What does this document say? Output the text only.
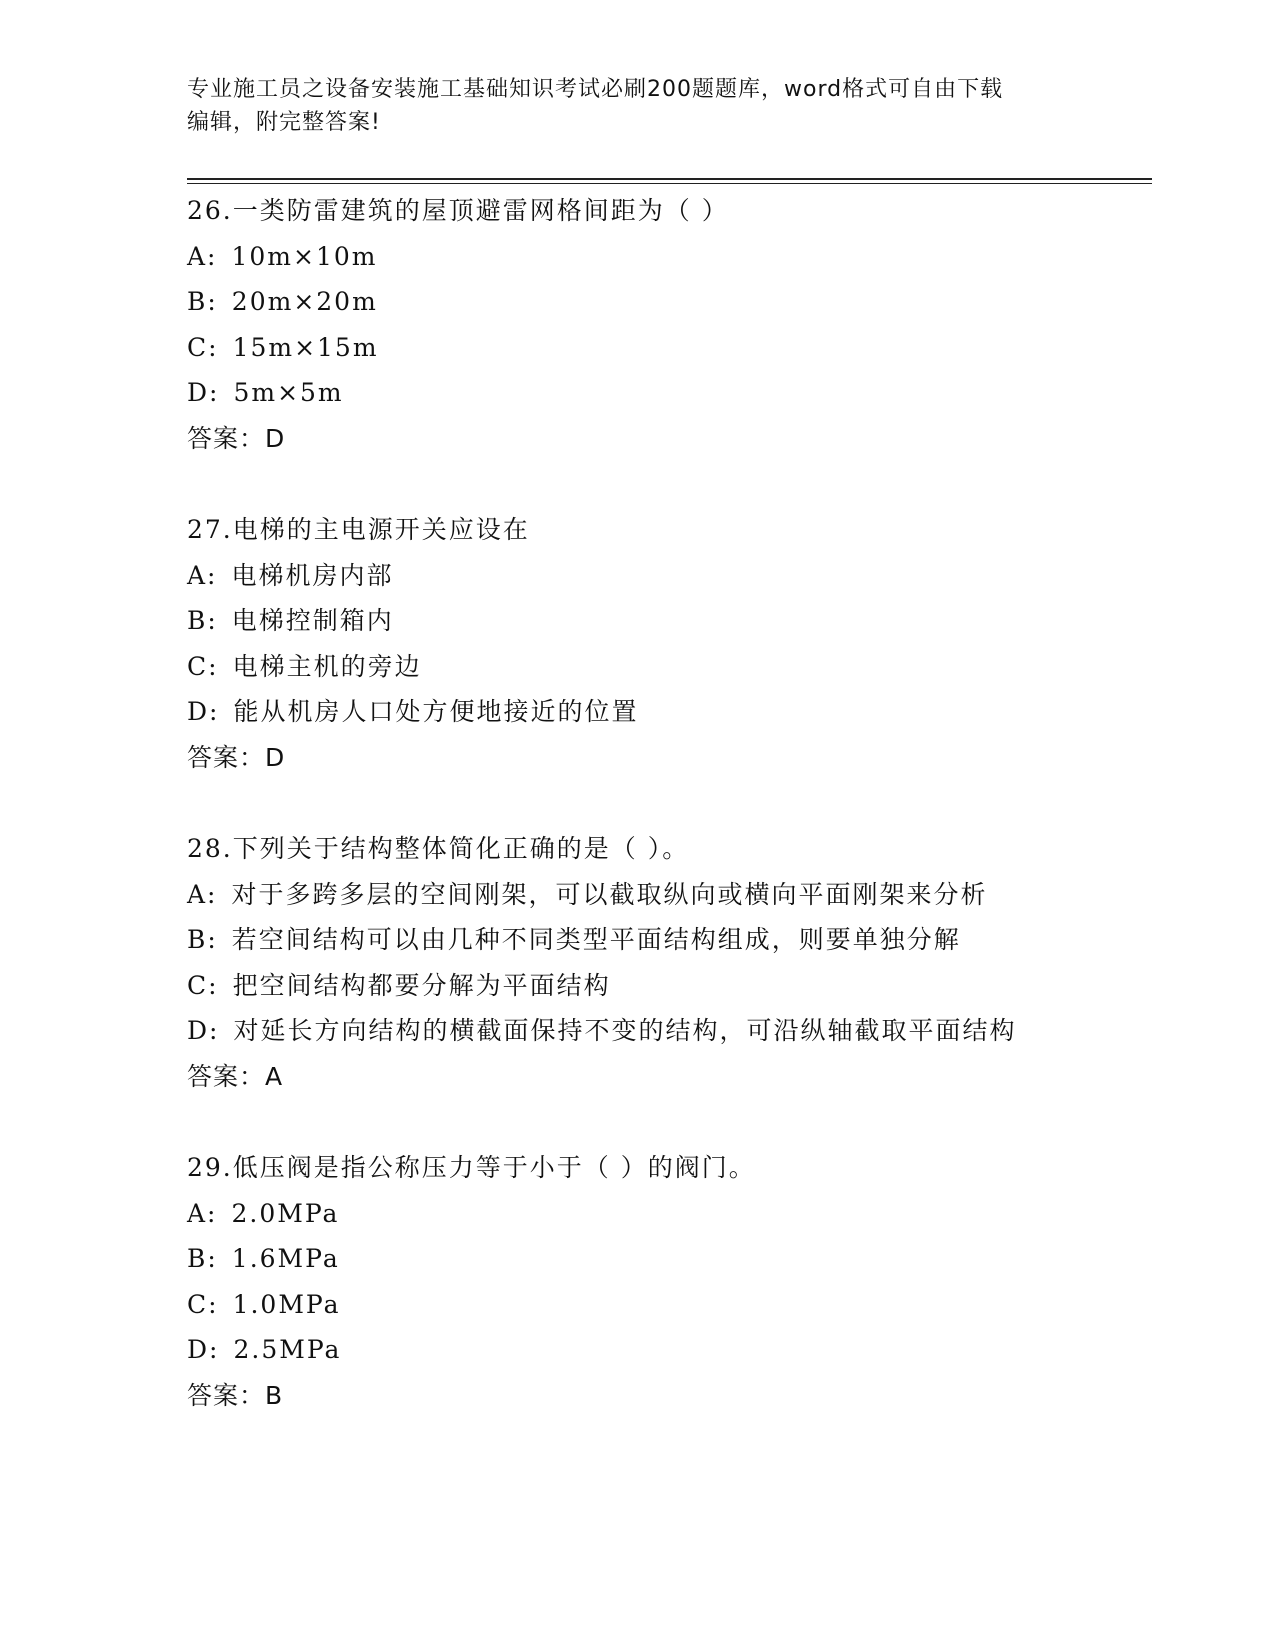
专业施工员之设备安装施工基础知识考试必刷200题题库，word格式可自由下载
编辑，附完整答案!
26.一类防雷建筑的屋顶避雷网格间距为（ ）
A: 10m×10m
B: 20m×20m
C: 15m×15m
D: 5m×5m
答案：D
27.电梯的主电源开关应设在
A: 电梯机房内部
B: 电梯控制箱内
C: 电梯主机的旁边
D: 能从机房人口处方便地接近的位置
答案：D
28.下列关于结构整体简化正确的是（ ）。
A: 对于多跨多层的空间刚架，可以截取纵向或横向平面刚架来分析
B: 若空间结构可以由几种不同类型平面结构组成，则要单独分解
C: 把空间结构都要分解为平面结构
D: 对延长方向结构的横截面保持不变的结构，可沿纵轴截取平面结构
答案：A
29.低压阀是指公称压力等于小于（ ）的阀门。
A: 2.0MPa
B: 1.6MPa
C: 1.0MPa
D: 2.5MPa
答案：B
